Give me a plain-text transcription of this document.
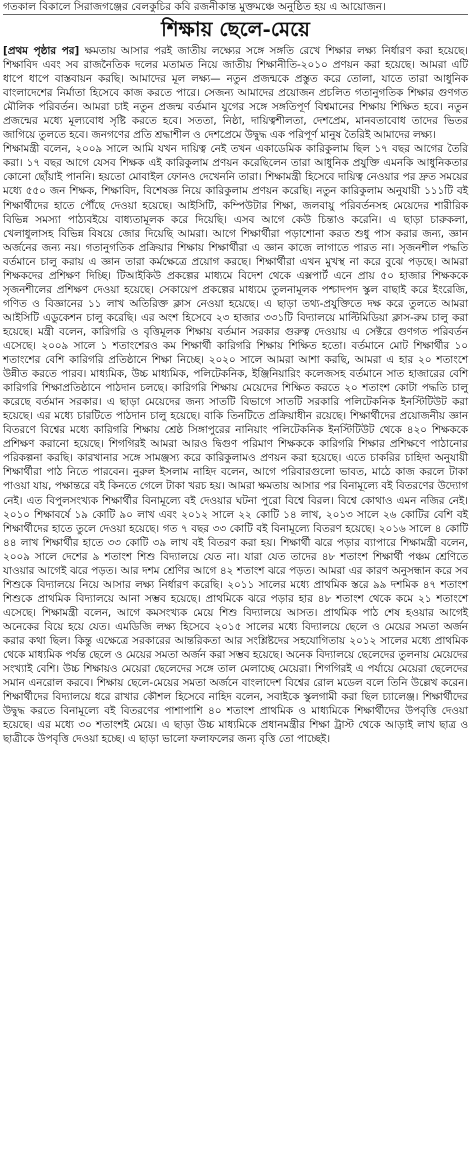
গতকাল বিকালে সিরাজগঞ্জের বেলকুচির কবি রজনীকান্ত মুক্তমঞ্চে অনুষ্ঠিত হয় এ আয়োজন।
শিক্ষায় ছেলে-মেয়ে

[প্রথম পৃষ্ঠার পর] ক্ষমতায় আসার পরই জাতীয় লক্ষ্যের সঙ্গে সঙ্গতি রেখে শিক্ষার লক্ষ্য নির্ধারণ করা হয়েছে। শিক্ষাবিদ এবং সব রাজনৈতিক দলের মতামত নিয়ে জাতীয় শিক্ষানীতি-২০১০ প্রণয়ন করা হয়েছে। আমরা এটি ধাপে ধাপে বাস্তবায়ন করছি। আমাদের মূল লক্ষ্য— নতুন প্রজন্মকে প্রস্তুত করে তোলা, যাতে তারা আধুনিক বাংলাদেশের নির্মাতা হিসেবে কাজ করতে পারে। সেজন্য আমাদের প্রয়োজন প্রচলিত গতানুগতিক শিক্ষার গুণগত মৌলিক পরিবর্তন। আমরা চাই নতুন প্রজন্ম বর্তমান যুগের সঙ্গে সঙ্গতিপূর্ণ বিশ্বমানের শিক্ষায় শিক্ষিত হবে। নতুন প্রজন্মের মধ্যে মূল্যবোধ সৃষ্টি করতে হবে। সততা, নিষ্ঠা, দায়িত্বশীলতা, দেশপ্রেম, মানবতাবোধ তাদের ভিতর জাগিয়ে তুলতে হবে। জনগণের প্রতি শ্রদ্ধাশীল ও দেশপ্রেমে উদ্বুদ্ধ এক পরিপূর্ণ মানুষ তৈরিই আমাদের লক্ষ্য।

শিক্ষামন্ত্রী বলেন, ২০০৯ সালে আমি যখন দায়িত্ব নেই তখন একাডেমিক কারিকুলাম ছিল ১৭ বছর আগের তৈরি করা। ১৭ বছর আগে যেসব শিক্ষক এই কারিকুলাম প্রণয়ন করেছিলেন তারা আধুনিক প্রযুক্তি এমনকি আধুনিকতার কোনো ছোঁয়াই পাননি। হয়তো মোবাইল ফোনও দেখেননি তারা। শিক্ষামন্ত্রী হিসেবে দায়িত্ব নেওয়ার পর দ্রুত সময়ের মধ্যে ৫৫০ জন শিক্ষক, শিক্ষাবিদ, বিশেষজ্ঞ নিয়ে কারিকুলাম প্রণয়ন করেছি। নতুন কারিকুলাম অনুযায়ী ১১১টি বই শিক্ষার্থীদের হাতে পৌঁছে দেওয়া হয়েছে। আইসিটি, কম্পিউটার শিক্ষা, জলবায়ু পরিবর্তনসহ মেয়েদের শারীরিক বিভিন্ন সমস্যা পাঠ্যবইয়ে বাধ্যতামূলক করে দিয়েছি। এসব আগে কেউ চিন্তাও করেনি। এ ছাড়া চারুকলা, খেলাধুলাসহ বিভিন্ন বিষয়ে জোর দিয়েছি আমরা। আগে শিক্ষার্থীরা পড়াশোনা করত শুধু পাস করার জন্য, জ্ঞান অর্জনের জন্য নয়। গতানুগতিক প্রক্রিয়ার শিক্ষায় শিক্ষার্থীরা এ জ্ঞান কাজে লাগাতে পারত না। সৃজনশীল পদ্ধতি বর্তমানে চালু করায় এ জ্ঞান তারা কর্মক্ষেত্রে প্রয়োগ করছে। শিক্ষার্থীরা এখন মুখস্থ না করে বুঝে পড়ছে। আমরা শিক্ষকদের প্রশিক্ষণ দিচ্ছি। টিআইকিউ প্রকল্পের মাধ্যমে বিদেশ থেকে এক্সপার্ট এনে প্রায় ৫০ হাজার শিক্ষককে সৃজনশীলের প্রশিক্ষণ দেওয়া হয়েছে। সেকায়েপ প্রকল্পের মাধ্যমে তুলনামূলক পশ্চাদপদ স্কুল বাছাই করে ইংরেজি, গণিত ও বিজ্ঞানের ১১ লাখ অতিরিক্ত ক্লাস নেওয়া হয়েছে। এ ছাড়া তথ্য-প্রযুক্তিতে দক্ষ করে তুলতে আমরা আইসিটি এডুকেশন চালু করেছি। এর অংশ হিসেবে ২৩ হাজার ৩৩১টি বিদ্যালয়ে মাল্টিমিডিয়া ক্লাস-রুম চালু করা হয়েছে। মন্ত্রী বলেন, কারিগরি ও বৃত্তিমূলক শিক্ষায় বর্তমান সরকার গুরুত্ব দেওয়ায় এ সেক্টরে গুণগত পরিবর্তন এসেছে। ২০০৯ সালে ১ শতাংশেরও কম শিক্ষার্থী কারিগরি শিক্ষায় শিক্ষিত হতো। বর্তমানে মোট শিক্ষার্থীর ১০ শতাংশের বেশি কারিগরি প্রতিষ্ঠানে শিক্ষা নিচ্ছে। ২০২০ সালে আমরা আশা করছি, আমরা এ হার ২০ শতাংশে উন্নীত করতে পারব। মাধ্যমিক, উচ্চ মাধ্যমিক, পলিটেকনিক, ইঞ্জিনিয়ারিং কলেজসহ বর্তমানে সাত হাজারের বেশি কারিগরি শিক্ষাপ্রতিষ্ঠানে পাঠদান চলছে। কারিগরি শিক্ষায় মেয়েদের শিক্ষিত করতে ২০ শতাংশ কোটা পদ্ধতি চালু করেছে বর্তমান সরকার। এ ছাড়া মেয়েদের জন্য সাতটি বিভাগে সাতটি সরকারি পলিটেকনিক ইনস্টিটিউট করা হয়েছে। এর মধ্যে চারটিতে পাঠদান চালু হয়েছে। বাকি তিনটিতে প্রক্রিয়াধীন রয়েছে। শিক্ষার্থীদের প্রয়োজনীয় জ্ঞান বিতরণে বিশ্বের মধ্যে কারিগরি শিক্ষায় শ্রেষ্ঠ সিঙ্গাপুরের নানিয়াং পলিটেকনিক ইনস্টিটিউট থেকে ৪২০ শিক্ষককে প্রশিক্ষণ করানো হয়েছে। শিগগিরই আমরা আরও দ্বিগুণ পরিমাণ শিক্ষককে কারিগরি শিক্ষার প্রশিক্ষণে পাঠানোর পরিকল্পনা করছি। কারখানার সঙ্গে সামঞ্জস্য করে কারিকুলামও প্রণয়ন করা হয়েছে। এতে চাকরির চাহিদা অনুযায়ী শিক্ষার্থীরা পাঠ নিতে পারবেন। নুরুল ইসলাম নাহিদ বলেন, আগে পরিবারগুলো ভাবত, মাঠে কাজ করলে টাকা পাওয়া যায়, পক্ষান্তরে বই কিনতে গেলে টাকা খরচ হয়। আমরা ক্ষমতায় আসার পর বিনামূল্যে বই বিতরণের উদ্যোগ নেই। এত বিপুলসংখ্যক শিক্ষার্থীর বিনামূল্যে বই দেওয়ার ঘটনা পুরো বিশ্বে বিরল। বিশ্বে কোথাও এমন নজির নেই। ২০১০ শিক্ষাবর্ষে ১৯ কোটি ৯০ লাখ এবং ২০১২ সালে ২২ কোটি ১৪ লাখ, ২০১৩ সালে ২৬ কোটির বেশি বই শিক্ষার্থীদের হাতে তুলে দেওয়া হয়েছে। গত ৭ বছর ৩৩ কোটি বই বিনামূল্যে বিতরণ হয়েছে। ২০১৬ সালে ৪ কোটি ৪৪ লাখ শিক্ষার্থীর হাতে ৩৩ কোটি ৩৯ লাখ বই বিতরণ করা হয়। শিক্ষার্থী ঝরে পড়ার ব্যাপারে শিক্ষামন্ত্রী বলেন, ২০০৯ সালে দেশের ৯ শতাংশ শিশু বিদ্যালয়ে যেত না। যারা যেত তাদের ৪৮ শতাংশ শিক্ষার্থী পঞ্চম শ্রেণিতে যাওয়ার আগেই ঝরে পড়ত। আর দশম শ্রেণির আগে ৪২ শতাংশ ঝরে পড়ত। আমরা এর কারণ অনুসন্ধান করে সব শিশুকে বিদ্যালয়ে নিয়ে আসার লক্ষ্য নির্ধারণ করেছি। ২০১১ সালের মধ্যে প্রাথমিক স্তরে ৯৯ দশমিক ৪৭ শতাংশ শিশুকে প্রাথমিক বিদ্যালয়ে আনা সম্ভব হয়েছে। প্রাথমিকে ঝরে পড়ার হার ৪৮ শতাংশ থেকে কমে ২১ শতাংশে এসেছে। শিক্ষামন্ত্রী বলেন, আগে কমসংখ্যক মেয়ে শিশু বিদ্যালয়ে আসত। প্রাথমিক পাঠ শেষ হওয়ার আগেই অনেকের বিয়ে হয়ে যেত। এমডিজি লক্ষ্য হিসেবে ২০১৫ সালের মধ্যে বিদ্যালয়ে ছেলে ও মেয়ের সমতা অর্জন করার কথা ছিল। কিন্তু এক্ষেত্রে সরকারের আন্তরিকতা আর সংশ্লিষ্টদের সহযোগিতায় ২০১২ সালের মধ্যে প্রাথমিক থেকে মাধ্যমিক পর্যন্ত ছেলে ও মেয়ের সমতা অর্জন করা সম্ভব হয়েছে। অনেক বিদ্যালয়ে ছেলেদের তুলনায় মেয়েদের সংখ্যাই বেশি। উচ্চ শিক্ষায়ও মেয়েরা ছেলেদের সঙ্গে তাল মেলাচ্ছে মেয়েরা। শিগগিরই এ পর্যায়ে মেয়েরা ছেলেদের সমান এনরোল করবে। শিক্ষায় ছেলে-মেয়ের সমতা অর্জনে বাংলাদেশ বিশ্বের রোল মডেল বলে তিনি উল্লেখ করেন। শিক্ষার্থীদের বিদ্যালয়ে ধরে রাখার কৌশল হিসেবে নাহিদ বলেন, সবাইকে স্কুলগামী করা ছিল চ্যালেঞ্জ। শিক্ষার্থীদের উদ্বুদ্ধ করতে বিনামূল্যে বই বিতরণের পাশাপাশি ৪০ শতাংশ প্রাথমিক ও মাধ্যমিকে শিক্ষার্থীদের উপবৃত্তি দেওয়া হয়েছে। এর মধ্যে ৩০ শতাংশই মেয়ে। এ ছাড়া উচ্চ মাধ্যমিকে প্রধানমন্ত্রীর শিক্ষা ট্রাস্ট থেকে আড়াই লাখ ছাত্র ও ছাত্রীকে উপবৃত্তি দেওয়া হচ্ছে। এ ছাড়া ভালো ফলাফলের জন্য বৃত্তি তো পাচ্ছেই।
